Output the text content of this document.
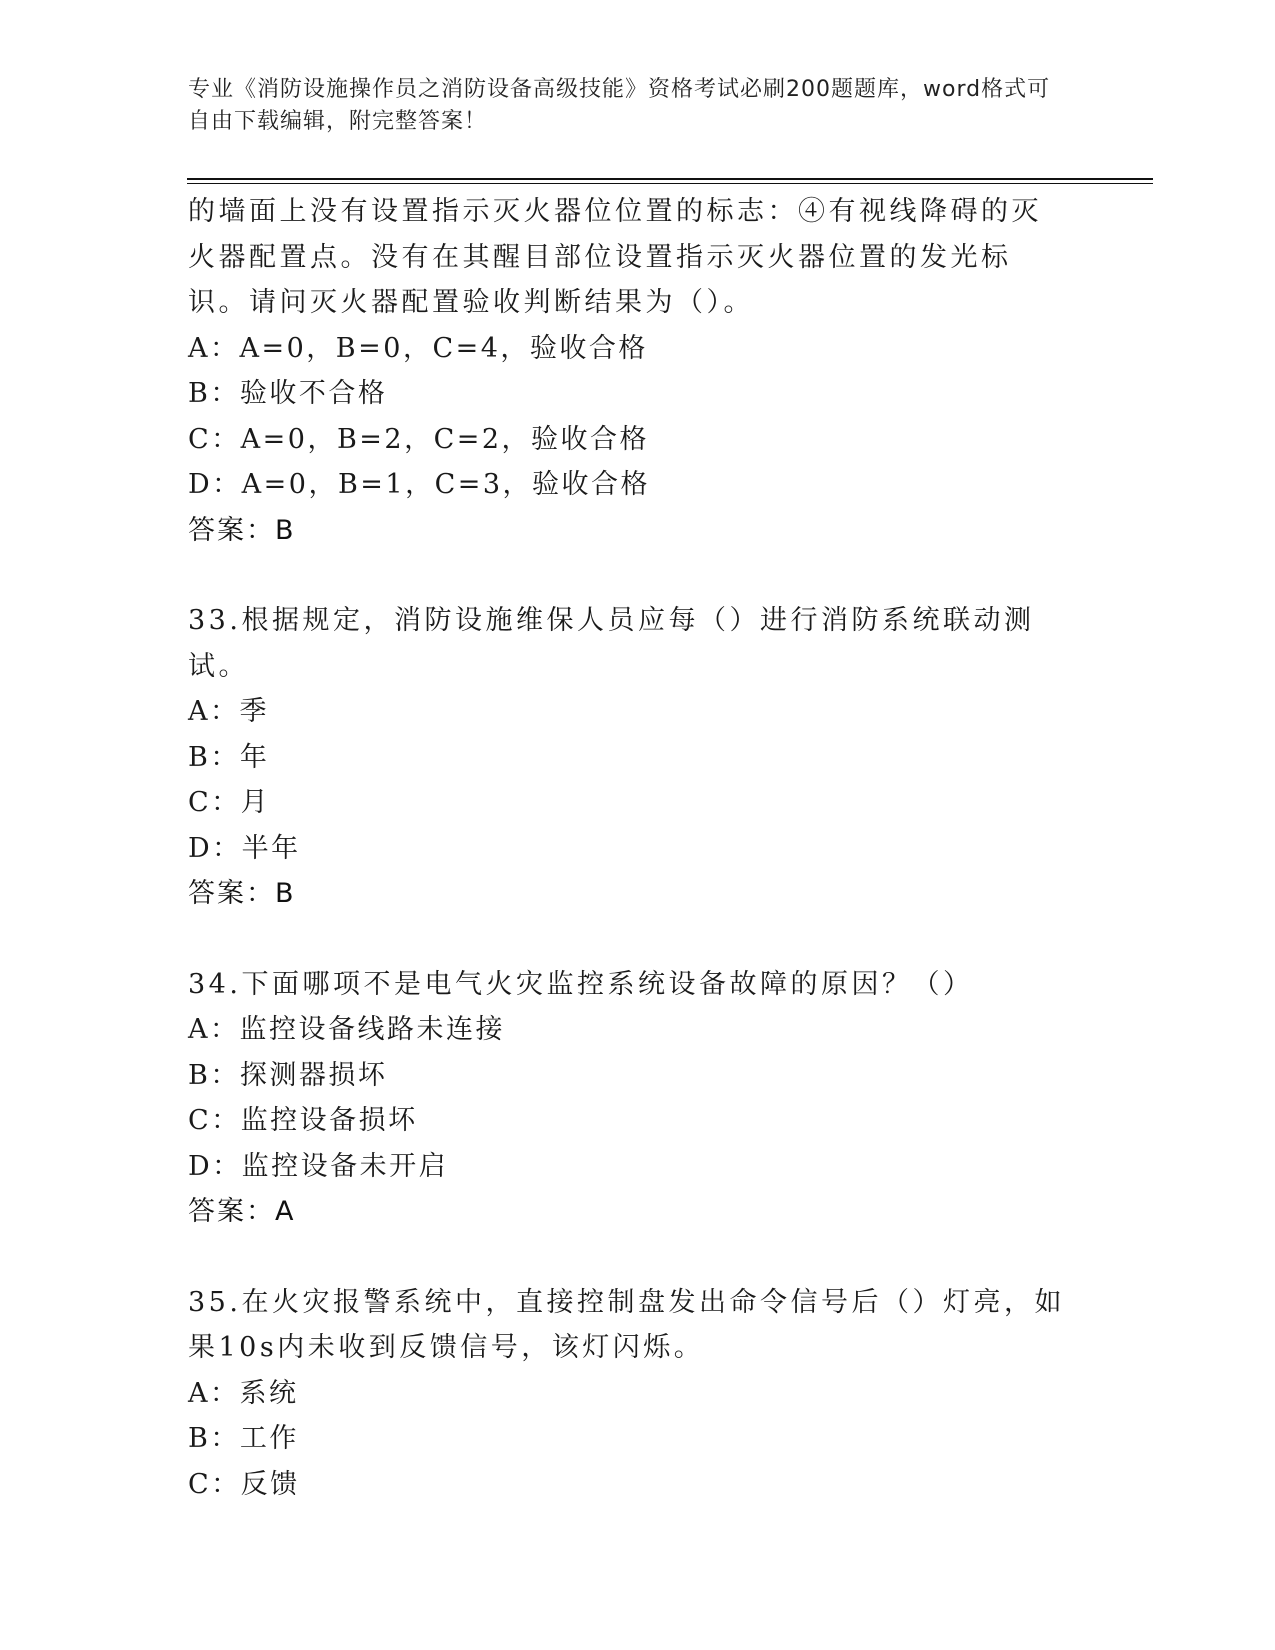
专业《消防设施操作员之消防设备高级技能》资格考试必刷200题题库，word格式可自由下载编辑，附完整答案！

的墙面上没有设置指示灭火器位位置的标志：④有视线降碍的灭火器配置点。没有在其醒目部位设置指示灭火器位置的发光标识。请问灭火器配置验收判断结果为（）。

A：A=0，B=0，C=4，验收合格

B：验收不合格

C：A=0，B=2，C=2，验收合格

D：A=0，B=1，C=3，验收合格

答案：B

33.根据规定，消防设施维保人员应每（）进行消防系统联动测试。

A：季

B：年

C：月

D：半年

答案：B

34.下面哪项不是电气火灾监控系统设备故障的原因？（）

A：监控设备线路未连接

B：探测器损坏

C：监控设备损坏

D：监控设备未开启

答案：A

35.在火灾报警系统中，直接控制盘发出命令信号后（）灯亮，如果10s内未收到反馈信号，该灯闪烁。

A：系统

B：工作

C：反馈
